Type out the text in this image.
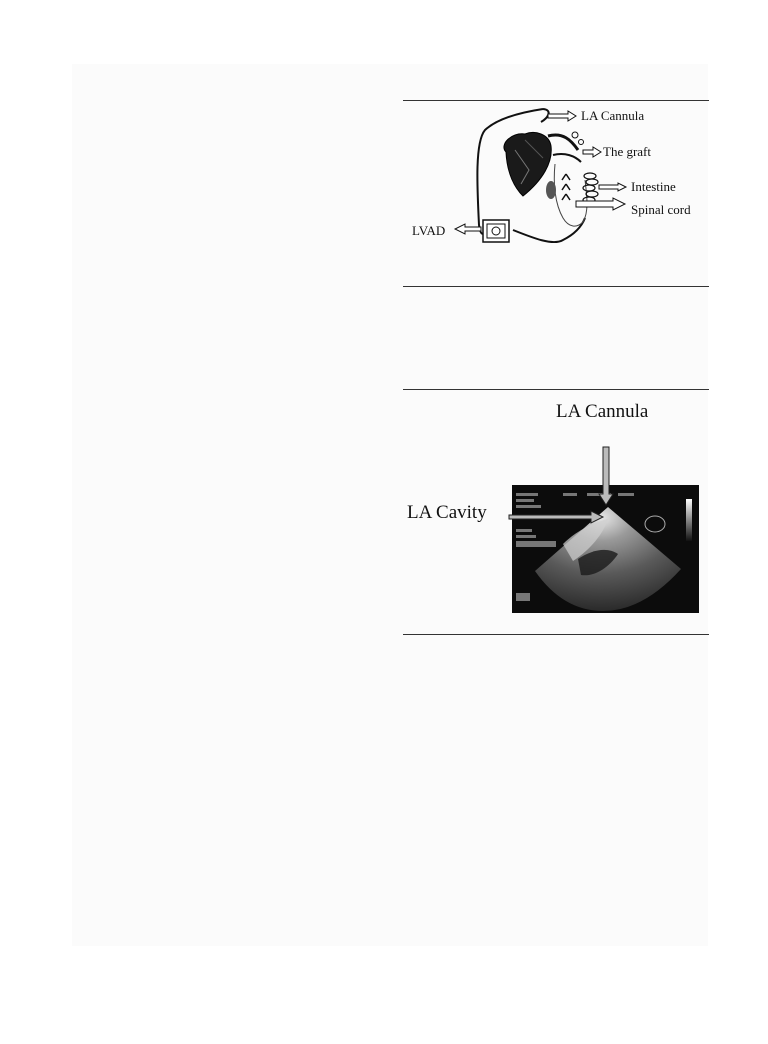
LA Cannula
The graft
Intestine
Spinal cord
LVAD
LA Cannula
LA Cavity
